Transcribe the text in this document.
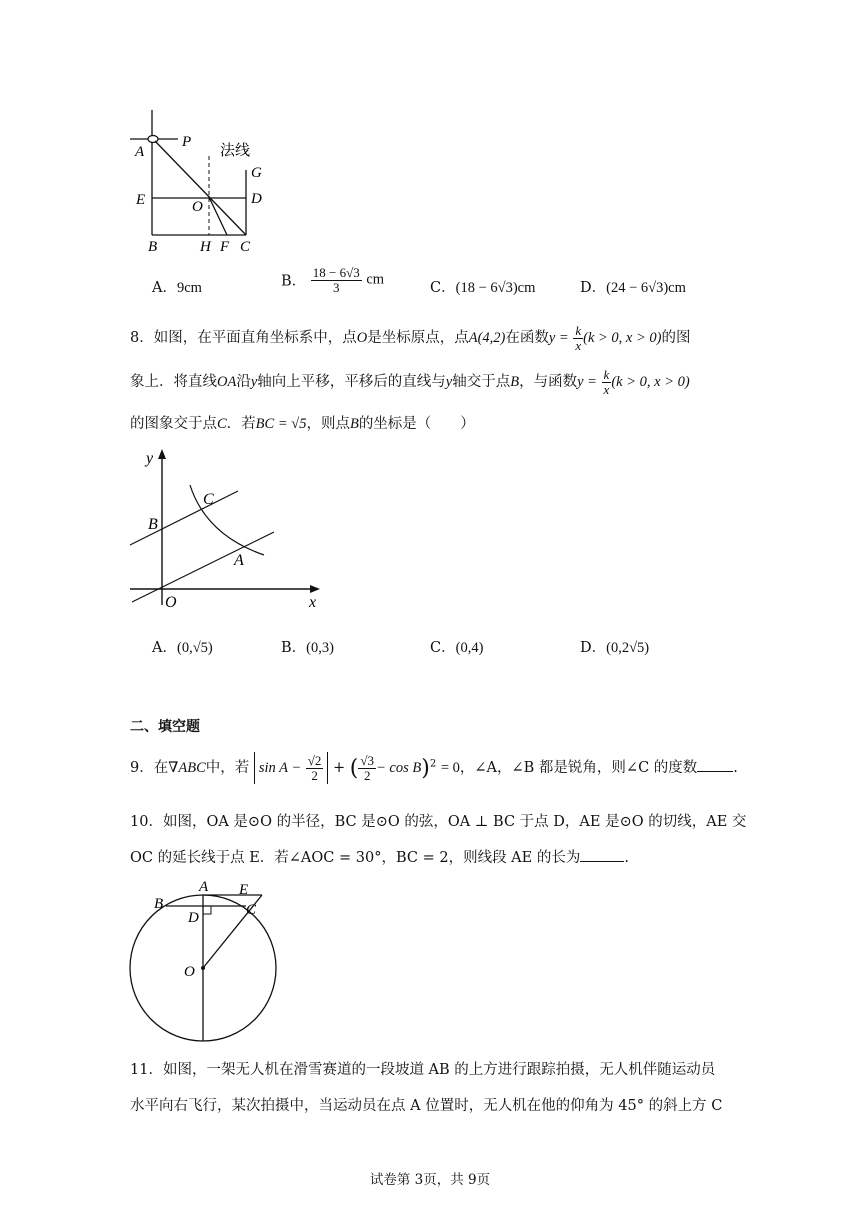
A
P 法线
G
E	O	D
B	H F C
A．9cm	B． $\frac{18 - 6√3}{3}$ cm
C．(18 − 6√3)cm	D．(24 − 6√3)cm
8．如图，在平面直角坐标系中，点O是坐标原点，点A(4,2)在函数$y = \frac{k}{x} (k > 0$, x > 0)的图
象上．将直线OA沿y轴向上平移，平移后的直线与y轴交于点B，与函数$y = \frac{k}{x} (k > 0$, x > 0)
的图象交于点C．若BC = √5，则点B的坐标是（　　）
y
x
O
B
C
A
A．(0,√5)	B．(0,3)	C．(0,4)	D．(0,2√5)
二、填空题
9．在∇ABC中，若 $\sin A - \frac{√2}{2}$ + ( $\frac{√3}{2} - \cos B)^2 = 0$，∠A，∠B 都是锐角，则∠C 的度数 .
10．如图，OA 是⊙O 的半径，BC 是⊙O 的弦，OA ⊥ BC 于点 D，AE 是⊙O 的切线，AE 交
OC 的延长线于点 E．若∠AOC = 30°，BC = 2，则线段 AE 的长为	.
A
B	C
D
E
O
11．如图，一架无人机在滑雪赛道的一段坡道 AB 的上方进行跟踪拍摄，无人机伴随运动员
水平向右飞行，某次拍摄中，当运动员在点 A 位置时，无人机在他的仰角为 45° 的斜上方 C
试卷第 3页，共 9页
